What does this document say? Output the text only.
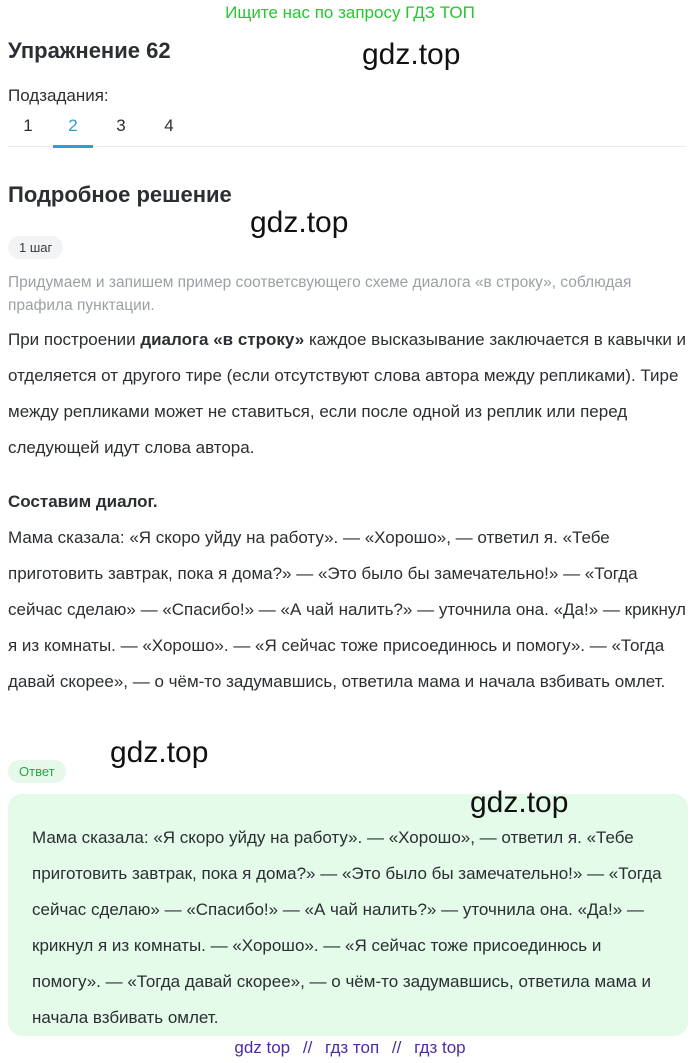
Ищите нас по запросу ГДЗ ТОП
Упражнение 62	gdz.top
Подзадания:
1	2	3	4
Подробное решение
gdz.top
1 шаг
Придумаем и запишем пример соответсвующего схеме диалога «в строку», соблюдая прафила пунктации.
При построении диалога «в строку» каждое высказывание заключается в кавычки и отделяется от другого тире (если отсутствуют слова автора между репликами). Тире между репликами может не ставиться, если после одной из реплик или перед следующей идут слова автора.
Составим диалог.
Мама сказала: «Я скоро уйду на работу». — «Хорошо», — ответил я. «Тебе приготовить завтрак, пока я дома?» — «Это было бы замечательно!» — «Тогда сейчас сделаю» — «Спасибо!» — «А чай налить?» — уточнила она. «Да!» — крикнул я из комнаты. — «Хорошо». — «Я сейчас тоже присоединюсь и помогу». — «Тогда давай скорее», — о чём-то задумавшись, ответила мама и начала взбивать омлет.
gdz.top
Ответ
gdz.top
Мама сказала: «Я скоро уйду на работу». — «Хорошо», — ответил я. «Тебе приготовить завтрак, пока я дома?» — «Это было бы замечательно!» — «Тогда сейчас сделаю» — «Спасибо!» — «А чай налить?» — уточнила она. «Да!» — крикнул я из комнаты. — «Хорошо». — «Я сейчас тоже присоединюсь и помогу». — «Тогда давай скорее», — о чём-то задумавшись, ответила мама и начала взбивать омлет.
gdz top // гдз топ // гдз top
